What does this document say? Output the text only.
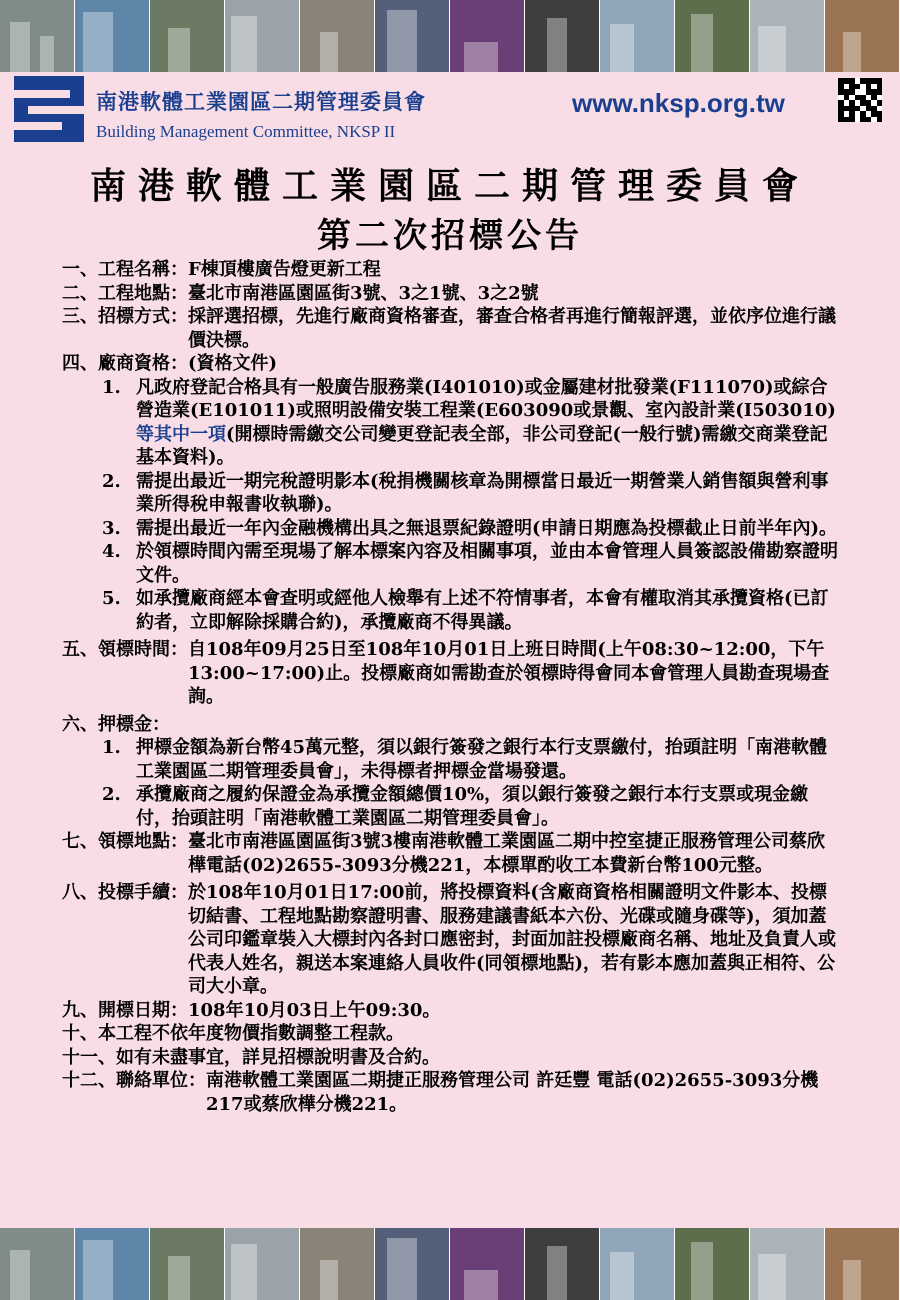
南港軟體工業園區二期管理委員會
Building Management Committee, NKSP II
www.nksp.org.tw
南港軟體工業園區二期管理委員會
第二次招標公告
一、工程名稱： F棟頂樓廣告燈更新工程
二、工程地點： 臺北市南港區園區街3號、3之1號、3之2號
三、招標方式： 採評選招標，先進行廠商資格審查，審查合格者再進行簡報評選，並依序位進行議價決標。
四、廠商資格：(資格文件)
1. 凡政府登記合格具有一般廣告服務業(I401010)或金屬建材批發業(F111070)或綜合營造業(E101011)或照明設備安裝工程業(E603090或景觀、室內設計業(I503010)等其中一項(開標時需繳交公司變更登記表全部，非公司登記(一般行號)需繳交商業登記基本資料)。
2. 需提出最近一期完稅證明影本(稅捐機關核章為開標當日最近一期營業人銷售額與營利事業所得稅申報書收執聯)。
3. 需提出最近一年內金融機構出具之無退票紀錄證明(申請日期應為投標截止日前半年內)。
4. 於領標時間內需至現場了解本標案內容及相關事項，並由本會管理人員簽認設備勘察證明文件。
5. 如承攬廠商經本會查明或經他人檢舉有上述不符情事者，本會有權取消其承攬資格(已訂約者，立即解除採購合約)，承攬廠商不得異議。
五、領標時間： 自108年09月25日至108年10月01日上班日時間(上午08:30~12:00，下午13:00~17:00)止。投標廠商如需勘查於領標時得會同本會管理人員勘查現場查詢。
六、押標金：
1. 押標金額為新台幣45萬元整，須以銀行簽發之銀行本行支票繳付，抬頭註明「南港軟體工業園區二期管理委員會」，未得標者押標金當場發還。
2. 承攬廠商之履約保證金為承攬金額總價10%，須以銀行簽發之銀行本行支票或現金繳付，抬頭註明「南港軟體工業園區二期管理委員會」。
七、領標地點： 臺北市南港區園區街3號3樓南港軟體工業園區二期中控室捷正服務管理公司蔡欣樺電話(02)2655-3093分機221，本標單酌收工本費新台幣100元整。
八、投標手續： 於108年10月01日17:00前，將投標資料(含廠商資格相關證明文件影本、投標切結書、工程地點勘察證明書、服務建議書紙本六份、光碟或隨身碟等)，須加蓋公司印鑑章裝入大標封內各封口應密封，封面加註投標廠商名稱、地址及負責人或代表人姓名，親送本案連絡人員收件(同領標地點)，若有影本應加蓋與正相符、公司大小章。
九、開標日期： 108年10月03日上午09:30。
十、本工程不依年度物價指數調整工程款。
十一、如有未盡事宜，詳見招標說明書及合約。
十二、聯絡單位： 南港軟體工業園區二期捷正服務管理公司 許廷豐 電話(02)2655-3093分機217或蔡欣樺分機221。
